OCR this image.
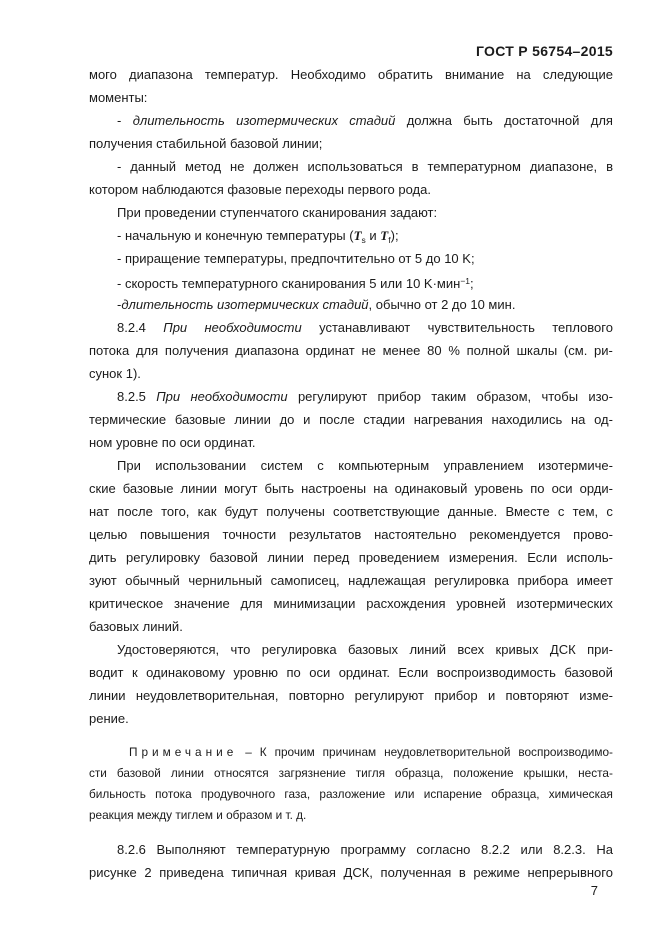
ГОСТ Р 56754–2015
мого диапазона температур. Необходимо обратить внимание на следующие
моменты:
- длительность изотермических стадий должна быть достаточной для
получения стабильной базовой линии;
- данный метод не должен использоваться в температурном диапазоне, в
котором наблюдаются фазовые переходы первого рода.
При проведении ступенчатого сканирования задают:
- начальную и конечную температуры ($T_s$ и $T_f$);
- приращение температуры, предпочтительно от 5 до 10 K;
- скорость температурного сканирования 5 или 10 K·мин$^{-1}$;
-длительность изотермических стадий, обычно от 2 до 10 мин.
8.2.4 При необходимости устанавливают чувствительность теплового
потока для получения диапазона ординат не менее 80 % полной шкалы (см. ри-
сунок 1).
8.2.5 При необходимости регулируют прибор таким образом, чтобы изо-
термические базовые линии до и после стадии нагревания находились на од-
ном уровне по оси ординат.
При использовании систем с компьютерным управлением изотермиче-
ские базовые линии могут быть настроены на одинаковый уровень по оси орди-
нат после того, как будут получены соответствующие данные. Вместе с тем, с
целью повышения точности результатов настоятельно рекомендуется прово-
дить регулировку базовой линии перед проведением измерения. Если исполь-
зуют обычный чернильный самописец, надлежащая регулировка прибора имеет
критическое значение для минимизации расхождения уровней изотермических
базовых линий.
Удостоверяются, что регулировка базовых линий всех кривых ДСК при-
водит к одинаковому уровню по оси ординат. Если воспроизводимость базовой
линии неудовлетворительная, повторно регулируют прибор и повторяют изме-
рение.
Примечание – К прочим причинам неудовлетворительной воспроизводимо-
сти базовой линии относятся загрязнение тигля образца, положение крышки, неста-
бильность потока продувочного газа, разложение или испарение образца, химическая
реакция между тиглем и образом и т. д.
8.2.6 Выполняют температурную программу согласно 8.2.2 или 8.2.3. На
рисунке 2 приведена типичная кривая ДСК, полученная в режиме непрерывного
7
